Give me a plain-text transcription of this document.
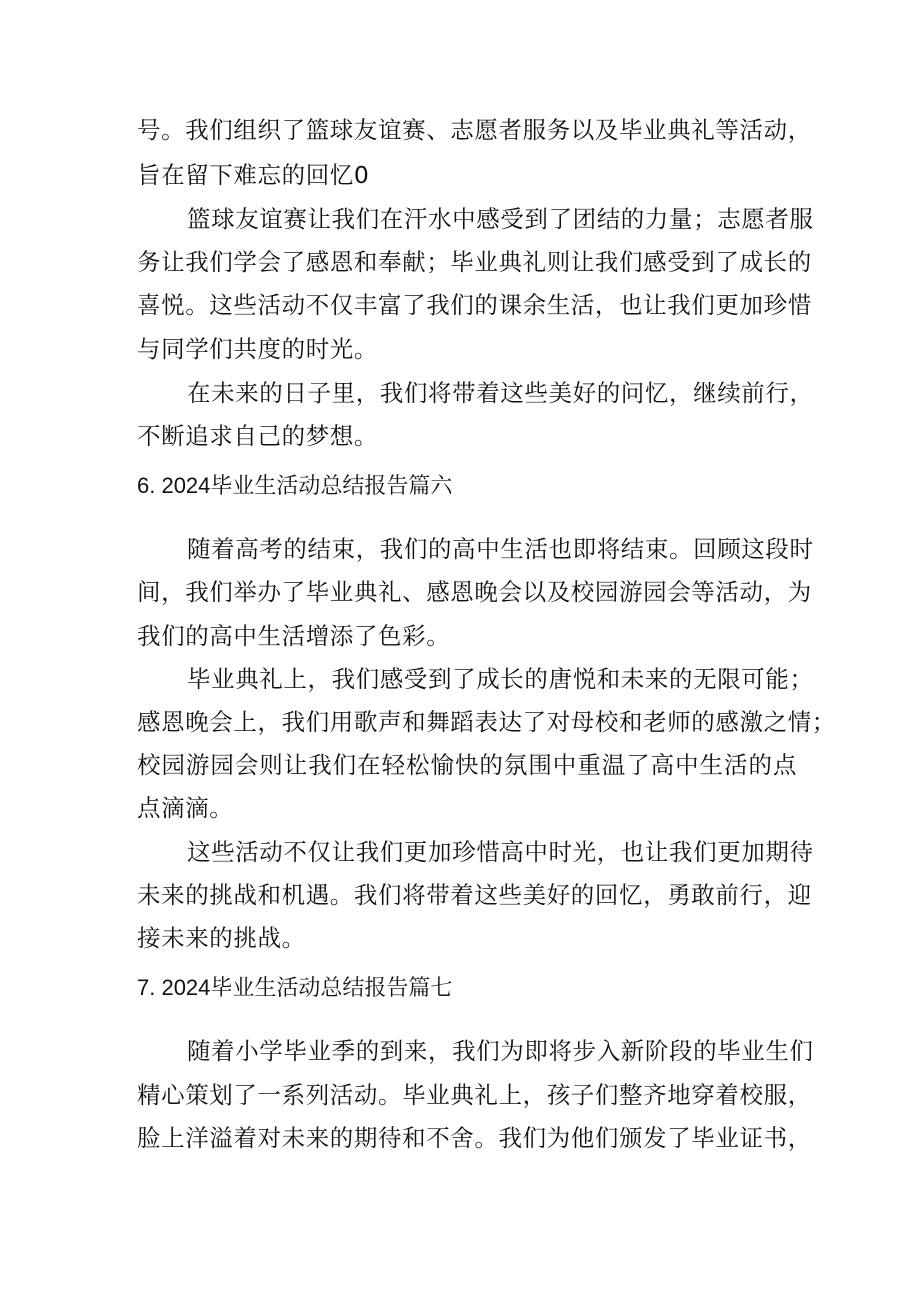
号。我们组织了篮球友谊赛、志愿者服务以及毕业典礼等活动，
旨在留下难忘的回忆0
篮球友谊赛让我们在汗水中感受到了团结的力量；志愿者服
务让我们学会了感恩和奉献；毕业典礼则让我们感受到了成长的
喜悦。这些活动不仅丰富了我们的课余生活，也让我们更加珍惜
与同学们共度的时光。
在未来的日子里，我们将带着这些美好的问忆，继续前行，
不断追求自己的梦想。
6. 2024毕业生活动总结报告篇六
随着高考的结束，我们的高中生活也即将结束。回顾这段时
间，我们举办了毕业典礼、感恩晚会以及校园游园会等活动，为
我们的高中生活增添了色彩。
毕业典礼上，我们感受到了成长的唐悦和未来的无限可能；
感恩晚会上，我们用歌声和舞蹈表达了对母校和老师的感激之情；
校园游园会则让我们在轻松愉快的氛围中重温了高中生活的点
点滴滴。
这些活动不仅让我们更加珍惜高中时光，也让我们更加期待
未来的挑战和机遇。我们将带着这些美好的回忆，勇敢前行，迎
接未来的挑战。
7. 2024毕业生活动总结报告篇七
随着小学毕业季的到来，我们为即将步入新阶段的毕业生们
精心策划了一系列活动。毕业典礼上，孩子们整齐地穿着校服，
脸上洋溢着对未来的期待和不舍。我们为他们颁发了毕业证书，
